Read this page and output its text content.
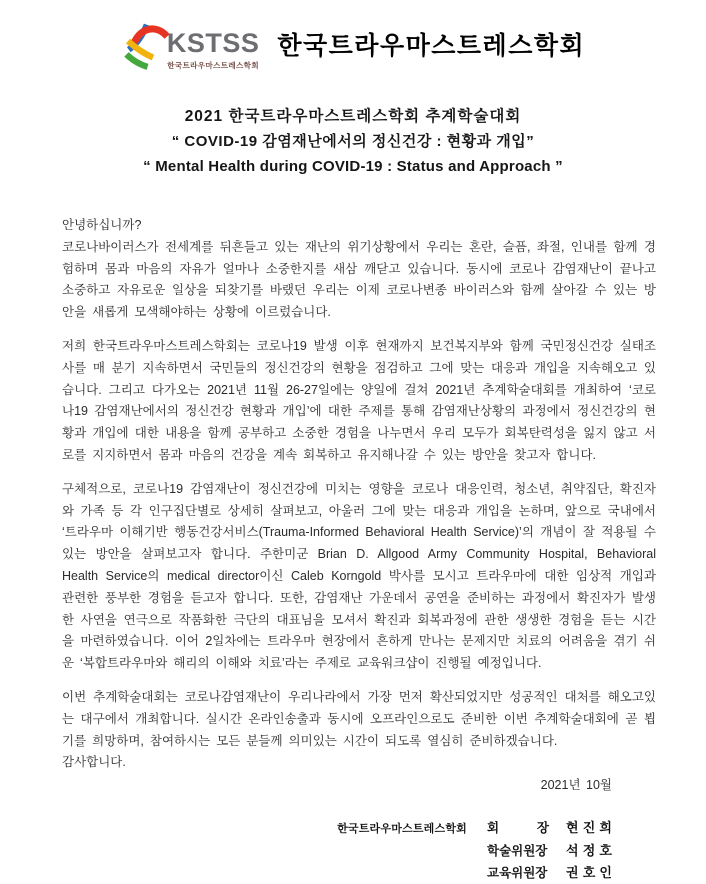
KSTSS
한국트라우마스트레스학회
한국트라우마스트레스학회
2021 한국트라우마스트레스학회 추계학술대회
“ COVID-19 감염재난에서의 정신건강 : 현황과 개입”
“ Mental Health during COVID-19 : Status and Approach ”

안녕하십니까?

코로나바이러스가 전세계를 뒤흔들고 있는 재난의 위기상황에서 우리는 혼란, 슬픔, 좌절, 인내를 함께 경험하며 몸과 마음의 자유가 얼마나 소중한지를 새삼 깨닫고 있습니다. 동시에 코로나 감염재난이 끝나고 소중하고 자유로운 일상을 되찾기를 바랬던 우리는 이제 코로나변종 바이러스와 함께 살아갈 수 있는 방안을 새롭게 모색해야하는 상황에 이르렀습니다.

저희 한국트라우마스트레스학회는 코로나19 발생 이후 현재까지 보건복지부와 함께 국민정신건강 실태조사를 매 분기 지속하면서 국민들의 정신건강의 현황을 점검하고 그에 맞는 대응과 개입을 지속해오고 있습니다. 그리고 다가오는 2021년 11월 26-27일에는 양일에 걸쳐 2021년 추계학술대회를 개최하여 ‘코로나19 감염재난에서의 정신건강 현황과 개입’에 대한 주제를 통해 감염재난상황의 과정에서 정신건강의 현황과 개입에 대한 내용을 함께 공부하고 소중한 경험을 나누면서 우리 모두가 회복탄력성을 잃지 않고 서로를 지지하면서 몸과 마음의 건강을 계속 회복하고 유지해나갈 수 있는 방안을 찾고자 합니다.

구체적으로, 코로나19 감염재난이 정신건강에 미치는 영향을 코로나 대응인력, 청소년, 취약집단, 확진자와 가족 등 각 인구집단별로 상세히 살펴보고, 아울러 그에 맞는 대응과 개입을 논하며, 앞으로 국내에서 ‘트라우마 이해기반 행동건강서비스(Trauma-Informed Behavioral Health Service)’의 개념이 잘 적용될 수 있는 방안을 살펴보고자 합니다. 주한미군 Brian D. Allgood Army Community Hospital, Behavioral Health Service의 medical director이신 Caleb Korngold 박사를 모시고 트라우마에 대한 임상적 개입과 관련한 풍부한 경험을 듣고자 합니다. 또한, 감염재난 가운데서 공연을 준비하는 과정에서 확진자가 발생한 사연을 연극으로 작품화한 극단의 대표님을 모셔서 확진과 회복과정에 관한 생생한 경험을 듣는 시간을 마련하였습니다. 이어 2일차에는 트라우마 현장에서 흔하게 만나는 문제지만 치료의 어려움을 겪기 쉬운 ‘복합트라우마와 해리의 이해와 치료’라는 주제로 교육워크샵이 진행될 예정입니다.

이번 추계학술대회는 코로나감염재난이 우리나라에서 가장 먼저 확산되었지만 성공적인 대처를 해오고있는 대구에서 개최합니다. 실시간 온라인송출과 동시에 오프라인으로도 준비한 이번 추계학술대회에 곧 뵙기를 희망하며, 참여하시는 모든 분들께 의미있는 시간이 되도록 열심히 준비하겠습니다.

감사합니다.

2021년 10월
한국트라우마스트레스학회 회 장 현 진 희
학술위원장 석 정 호
교육위원장 권 호 인
